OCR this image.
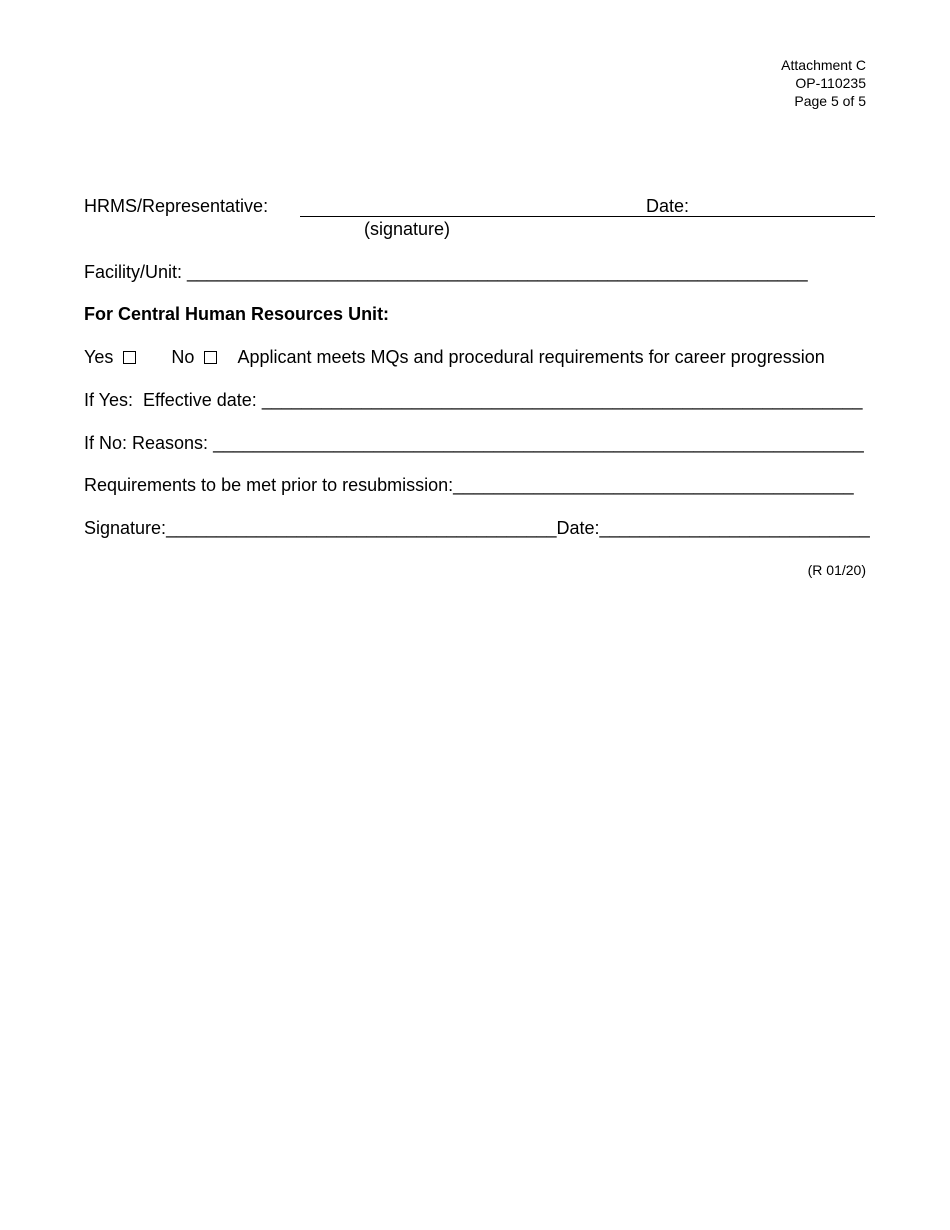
Attachment C
OP-110235
Page 5 of 5
HRMS/Representative:	Date:
(signature)
Facility/Unit: ______________________________________________________________
For Central Human Resources Unit:
Yes	No Applicant meets MQs and procedural requirements for career progression
If Yes:  Effective date: ____________________________________________________________
If No: Reasons: _________________________________________________________________
Requirements to be met prior to resubmission:________________________________________
Signature:_______________________________________Date:___________________________
(R 01/20)
